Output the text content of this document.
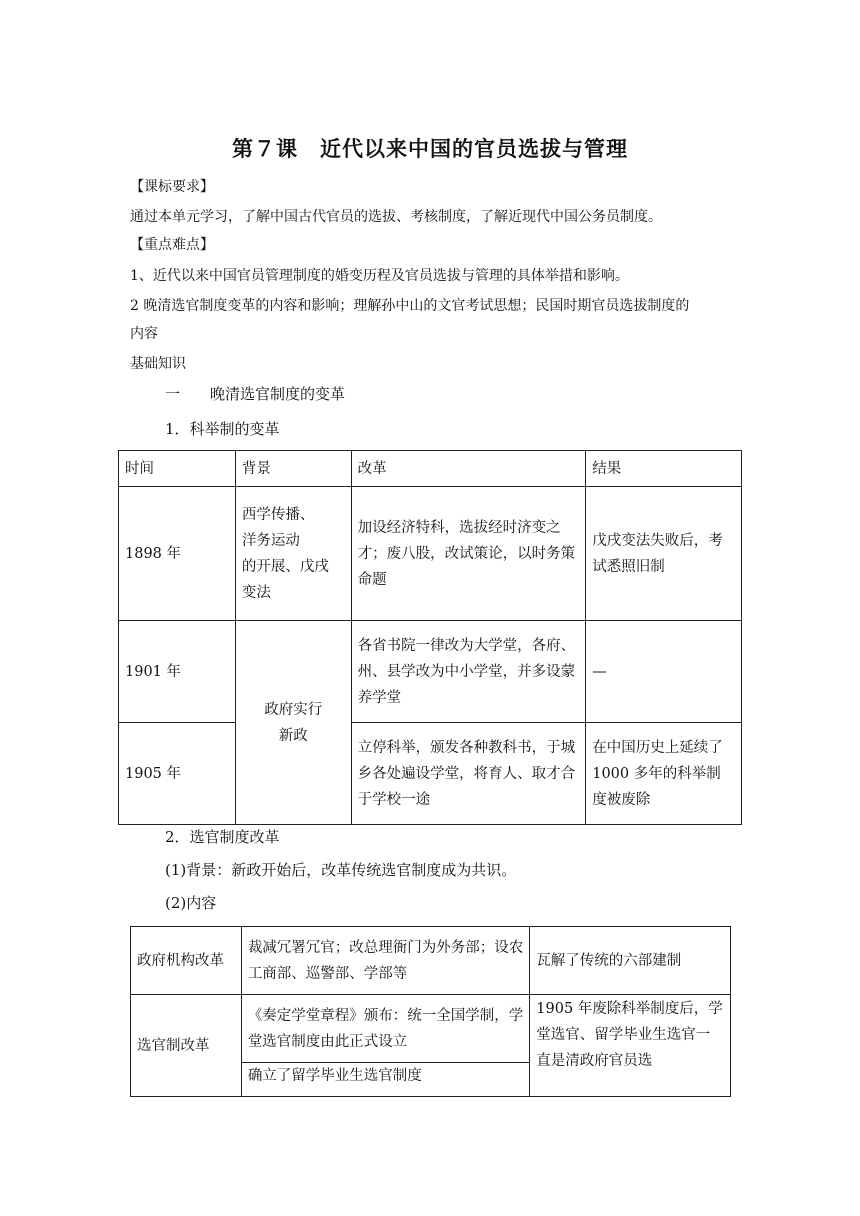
第７课　近代以来中国的官员选拔与管理
【课标要求】
通过本单元学习，了解中国古代官员的选拔、考核制度，了解近现代中国公务员制度。
【重点难点】
1、近代以来中国官员管理制度的婚变历程及官员选拔与管理的具体举措和影响。
2 晚清选官制度变革的内容和影响；理解孙中山的文官考试思想；民国时期官员选拔制度的
内容
基础知识
一　　晚清选官制度的变革
1．科举制的变革
时间	背景	改革	结果
1898 年	西学传播、
洋务运动
的开展、戊戌
变法	加设经济特科，选拔经时济变之才；废八股，改试策论，以时务策命题	戊戌变法失败后，考试悉照旧制
1901 年	政府实行
新政	各省书院一律改为大学堂，各府、州、县学改为中小学堂，并多设蒙养学堂	—
1905 年		立停科举，颁发各种教科书，于城乡各处遍设学堂，将育人、取才合于学校一途	在中国历史上延续了 1000 多年的科举制度被废除
2．选官制度改革
(1)背景：新政开始后，改革传统选官制度成为共识。
(2)内容
政府机构改革	裁减冗署冗官；改总理衙门为外务部；设农工商部、巡警部、学部等	瓦解了传统的六部建制
选官制改革	《奏定学堂章程》颁布：统一全国学制，学堂选官制度由此正式设立	1905 年废除科举制度后，学堂选官、留学毕业生选官一直是清政府官员选
	确立了留学毕业生选官制度	
